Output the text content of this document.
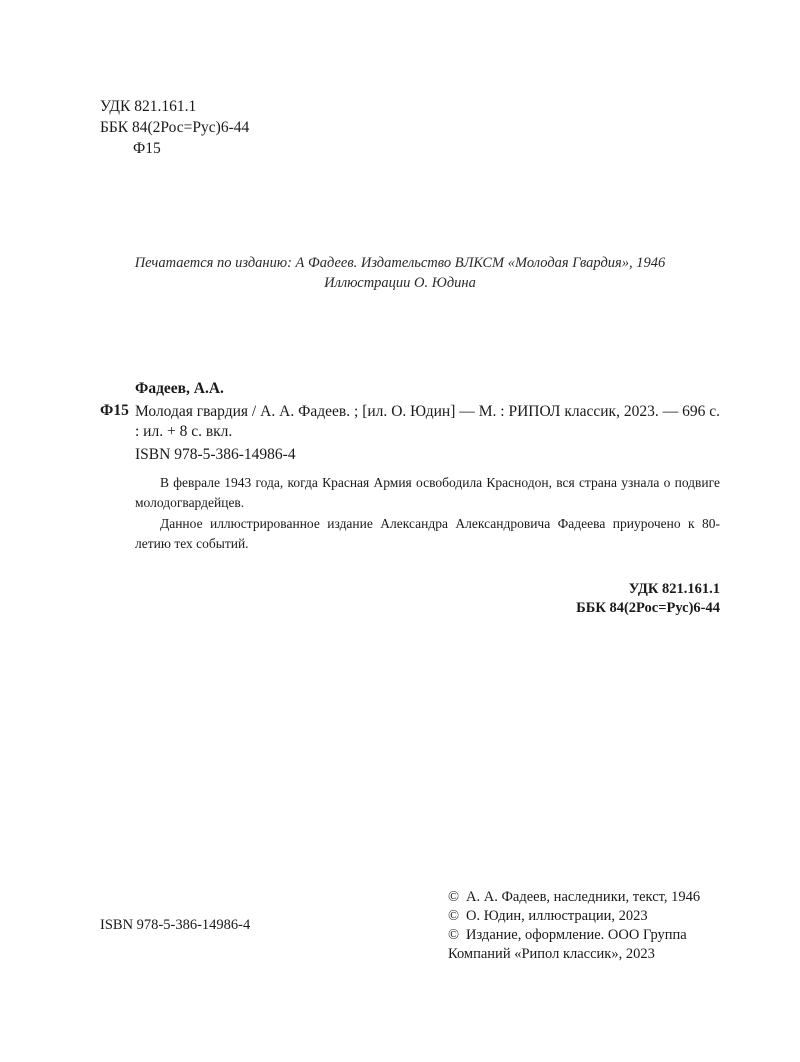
УДК 821.161.1
ББК 84(2Рос=Рус)6-44
Ф15
Печатается по изданию: А Фадеев. Издательство ВЛКСМ «Молодая Гвардия», 1946
Иллюстрации О. Юдина
Фадеев, А.А.
Ф15 Молодая гвардия / А. А. Фадеев. ; [ил. О. Юдин] — М. : РИПОЛ классик, 2023. — 696 с. : ил. + 8 с. вкл.
ISBN 978-5-386-14986-4
В феврале 1943 года, когда Красная Армия освободила Краснодон, вся страна узнала о подвиге молодогвардейцев.
Данное иллюстрированное издание Александра Александровича Фадеева приурочено к 80-летию тех событий.
УДК 821.161.1
ББК 84(2Рос=Рус)6-44
ISBN 978-5-386-14986-4
© А. А. Фадеев, наследники, текст, 1946
© О. Юдин, иллюстрации, 2023
© Издание, оформление. ООО Группа
Компаний «Рипол классик», 2023
